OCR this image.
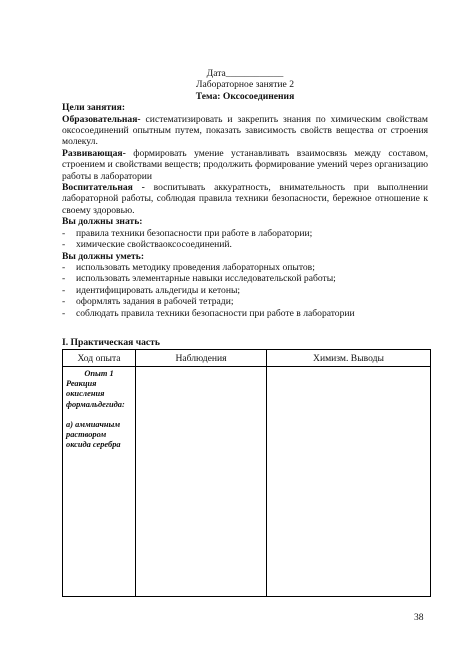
Дата____________
Лабораторное занятие 2
Тема: Оксосоединения
Цели занятия:

Образовательная- систематизировать и закрепить знания по химическим свойствам оксосоединений опытным путем, показать зависимость свойств вещества от строения молекул.

Развивающая- формировать умение устанавливать взаимосвязь между составом, строением и свойствами веществ; продолжить формирование умений через организацию работы в лаборатории

Воспитательная - воспитывать аккуратность, внимательность при выполнении лабораторной работы, соблюдая правила техники безопасности, бережное отношение к своему здоровью.

Вы должны знать:
- правила техники безопасности при работе в лаборатории;
- химические свойстваоксосоединений.
Вы должны уметь:
- использовать методику проведения лабораторных опытов;
- использовать элементарные навыки исследовательской работы;
- идентифицировать альдегиды и кетоны;
- оформлять задания в рабочей тетради;
- соблюдать правила техники безопасности при работе в лаборатории
I. Практическая часть
Ход опыта	Наблюдения	Химизм. Выводы

Опыт 1
Реакция окисления формальдегида:
а) аммиачным раствором оксида серебра		

38
